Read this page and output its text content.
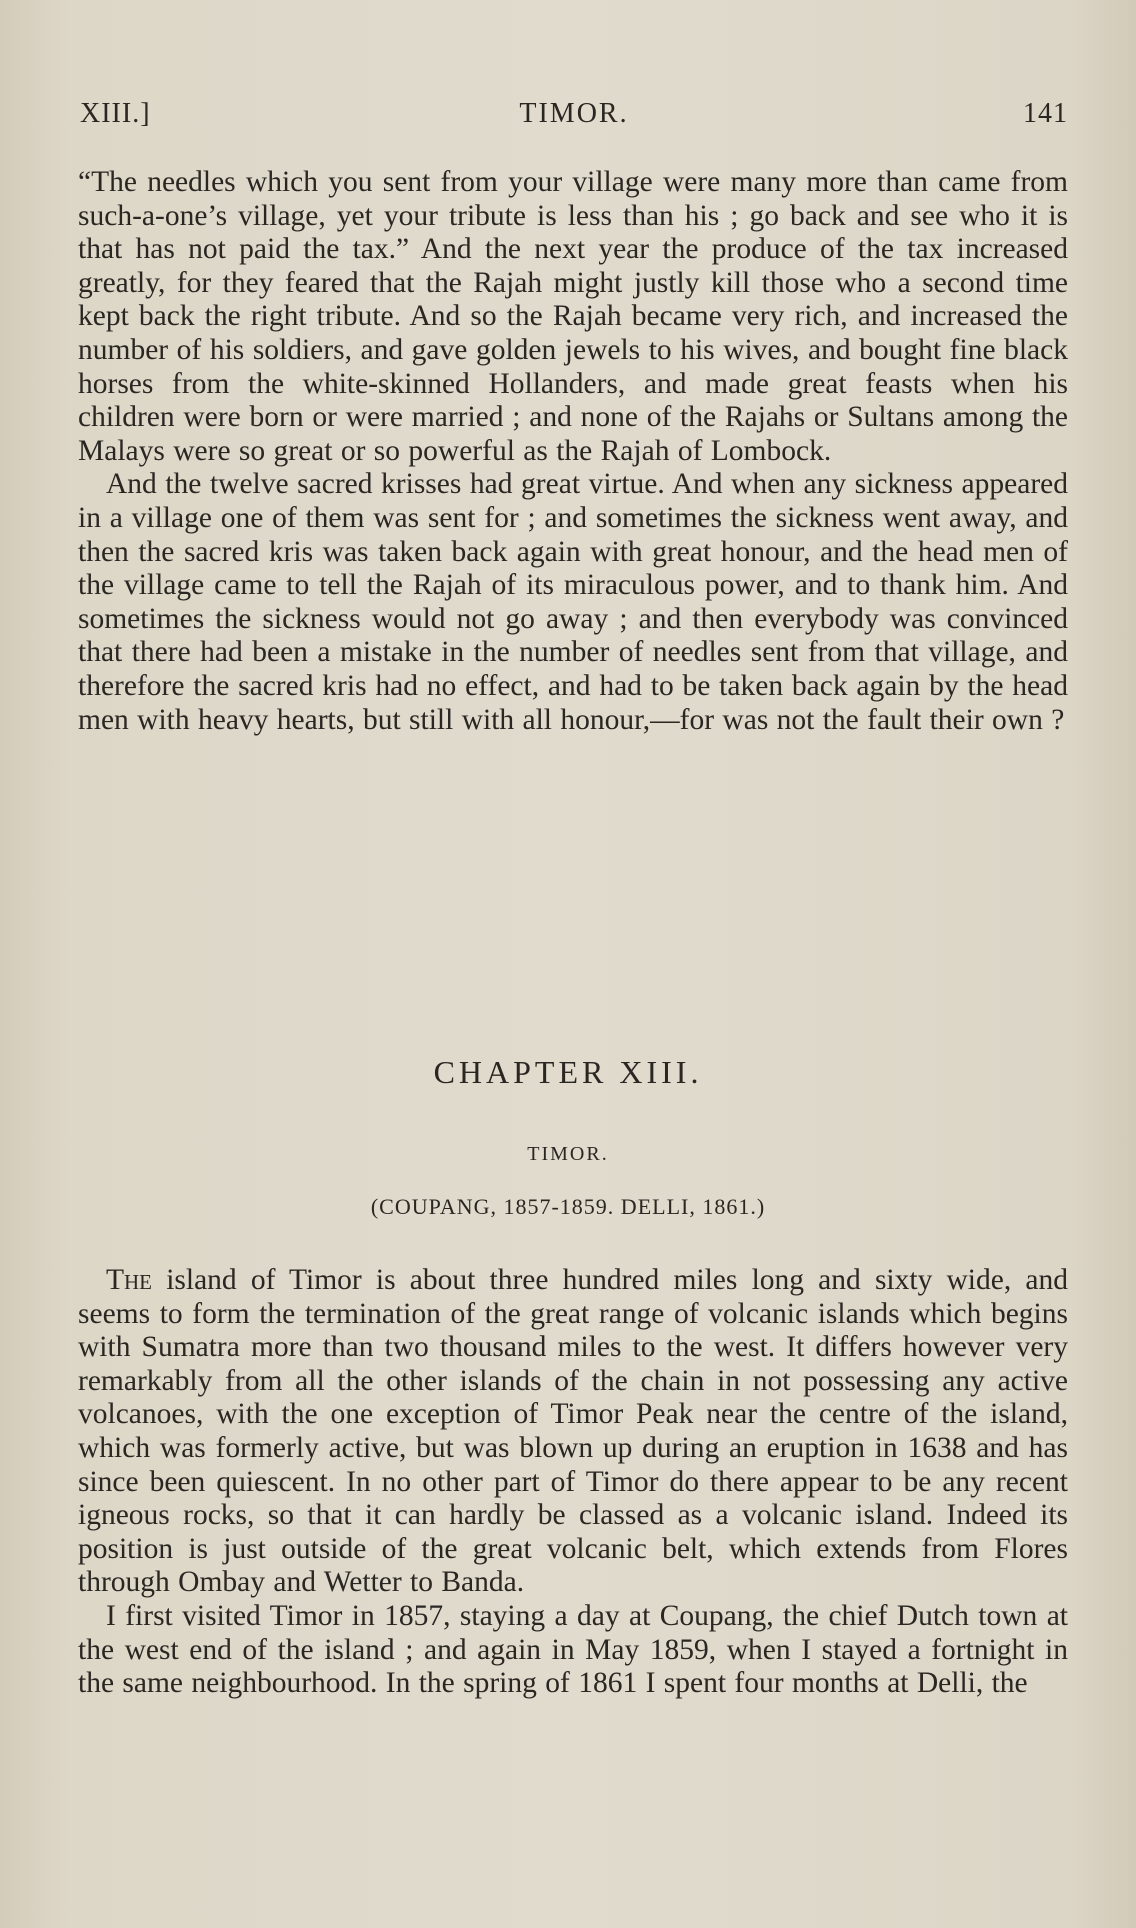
XIII.]	TIMOR.	141

“The needles which you sent from your village were many more than came from such-a-one’s village, yet your tribute is less than his ; go back and see who it is that has not paid the tax.” And the next year the produce of the tax increased greatly, for they feared that the Rajah might justly kill those who a second time kept back the right tribute. And so the Rajah became very rich, and increased the number of his soldiers, and gave golden jewels to his wives, and bought fine black horses from the white-skinned Hollanders, and made great feasts when his children were born or were married ; and none of the Rajahs or Sultans among the Malays were so great or so powerful as the Rajah of Lombock.

And the twelve sacred krisses had great virtue. And when any sickness appeared in a village one of them was sent for ; and sometimes the sickness went away, and then the sacred kris was taken back again with great honour, and the head men of the village came to tell the Rajah of its miraculous power, and to thank him. And sometimes the sickness would not go away ; and then everybody was convinced that there had been a mistake in the number of needles sent from that village, and therefore the sacred kris had no effect, and had to be taken back again by the head men with heavy hearts, but still with all honour,—for was not the fault their own ?

CHAPTER XIII.
TIMOR.
(COUPANG, 1857-1859. DELLI, 1861.)

The island of Timor is about three hundred miles long and sixty wide, and seems to form the termination of the great range of volcanic islands which begins with Sumatra more than two thousand miles to the west. It differs however very remarkably from all the other islands of the chain in not possessing any active volcanoes, with the one exception of Timor Peak near the centre of the island, which was formerly active, but was blown up during an eruption in 1638 and has since been quiescent. In no other part of Timor do there appear to be any recent igneous rocks, so that it can hardly be classed as a volcanic island. Indeed its position is just outside of the great volcanic belt, which extends from Flores through Ombay and Wetter to Banda.

I first visited Timor in 1857, staying a day at Coupang, the chief Dutch town at the west end of the island ; and again in May 1859, when I stayed a fortnight in the same neighbourhood. In the spring of 1861 I spent four months at Delli, the
